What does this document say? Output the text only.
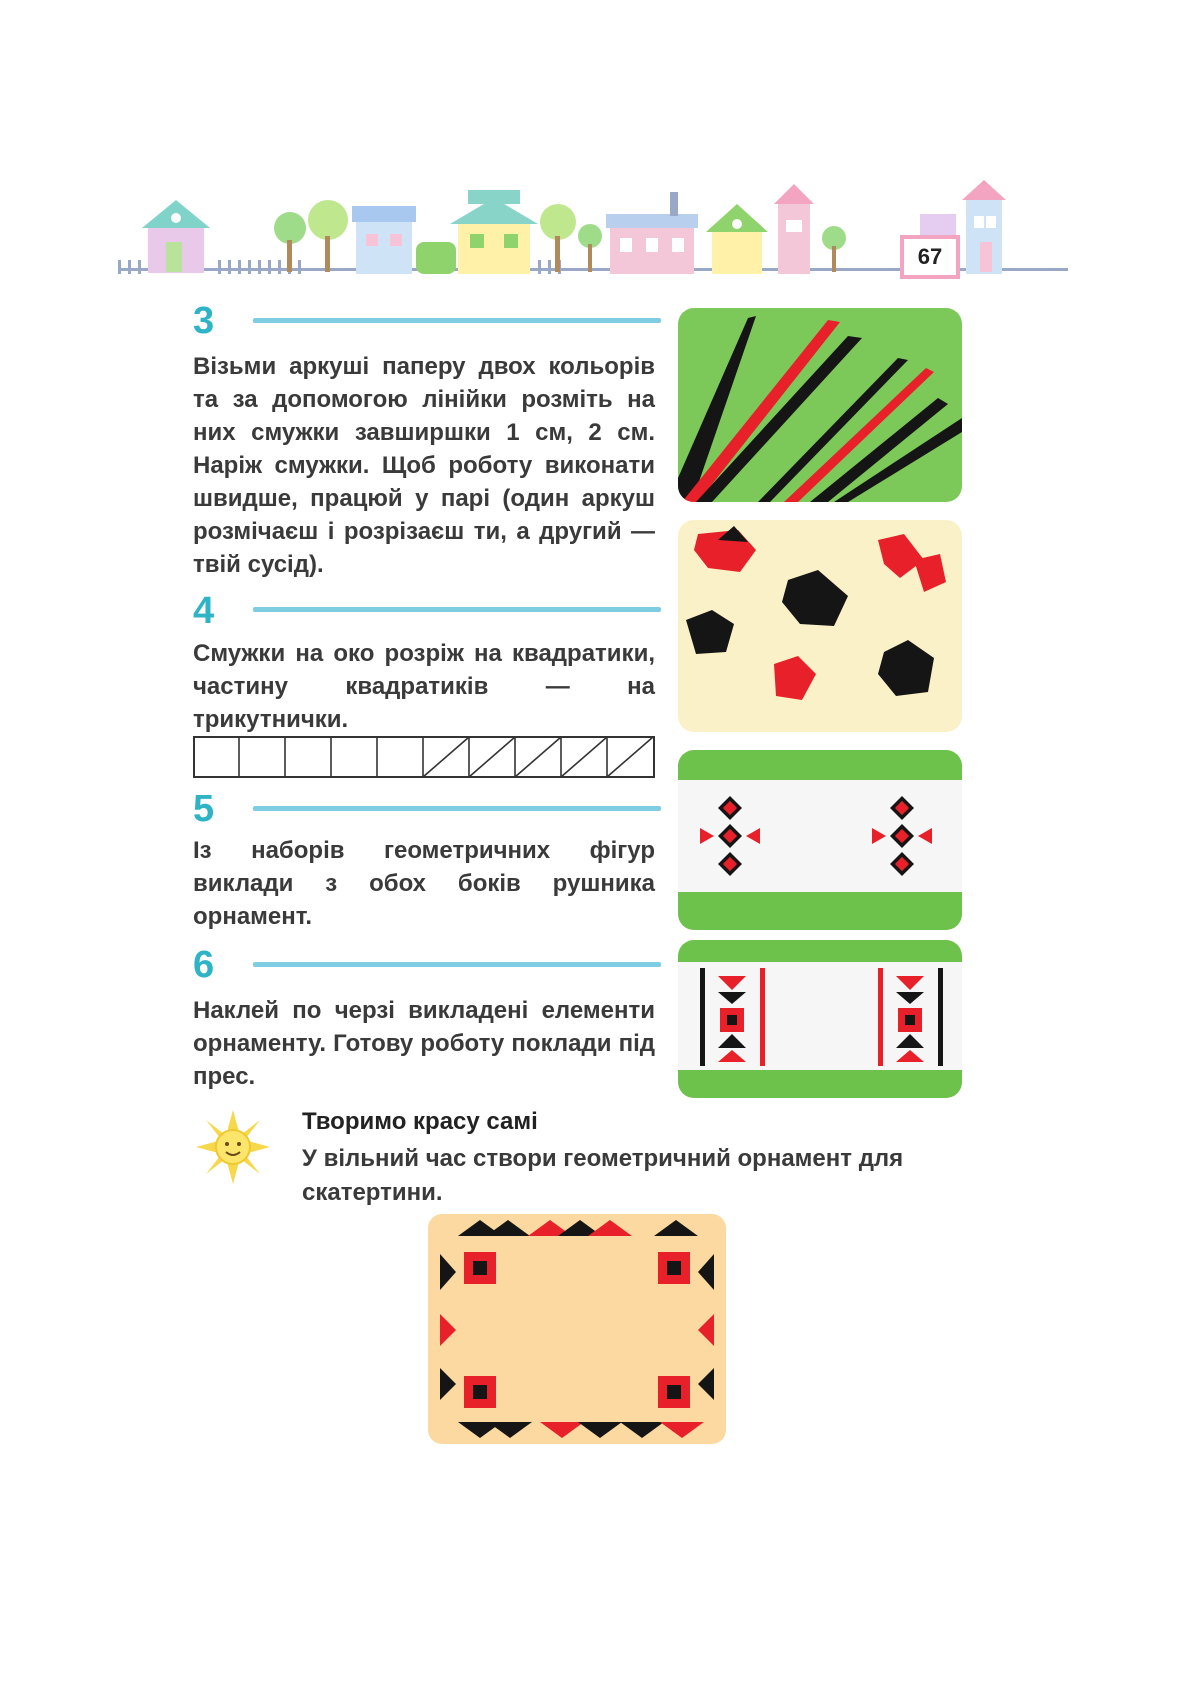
67
3
Візьми аркуші паперу двох кольорів та за допомогою лінійки розміть на них смужки завширшки 1 см, 2 см. Наріж смужки. Щоб роботу виконати швидше, працюй у парі (один аркуш розмічаєш і розрізаєш ти, а другий — твій сусід).
4
Смужки на око розріж на квадратики, частину квадратиків — на трикутнички.
5
Із наборів геометричних фігур виклади з обох боків рушника орнамент.
6
Наклей по черзі викладені елементи орнаменту. Готову роботу поклади під прес.
Творимо красу самі
У вільний час створи геометричний орнамент для скатертини.
